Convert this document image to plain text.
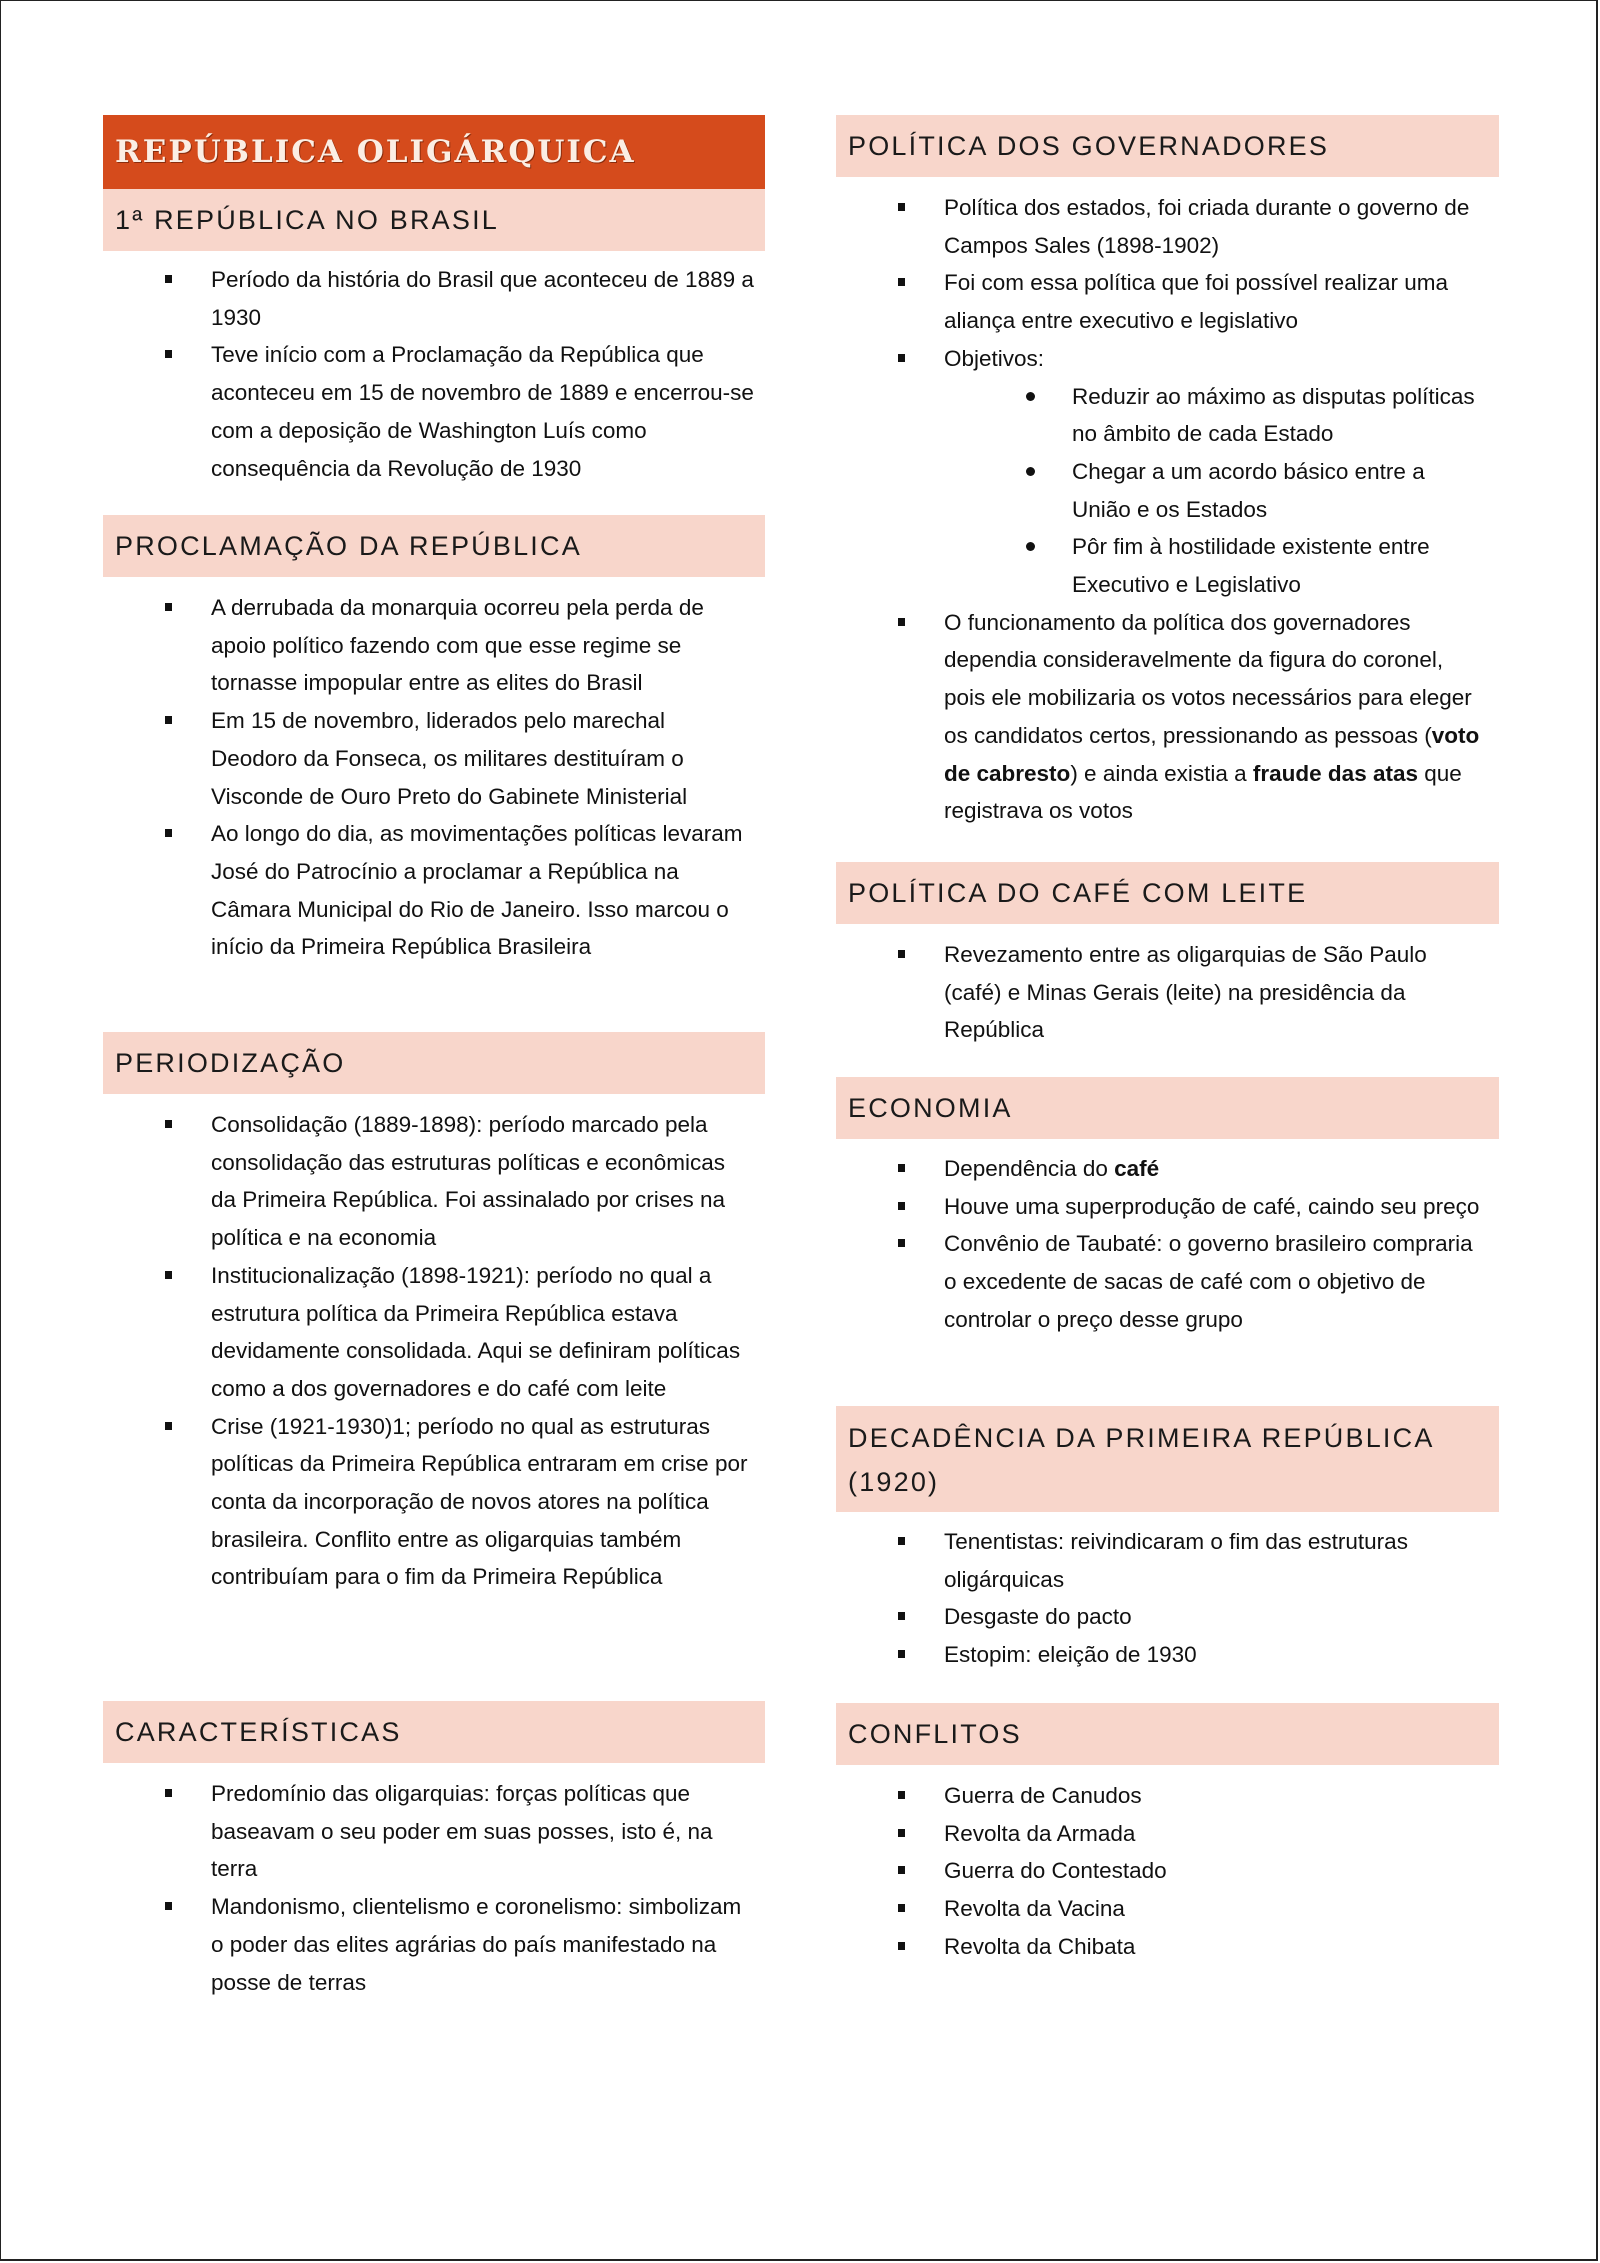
REPÚBLICA OLIGÁRQUICA
1ª REPÚBLICA NO BRASIL
Período da história do Brasil que aconteceu de 1889 a 1930
Teve início com a Proclamação da República que aconteceu em 15 de novembro de 1889 e encerrou-se com a deposição de Washington Luís como consequência da Revolução de 1930
PROCLAMAÇÃO DA REPÚBLICA
A derrubada da monarquia ocorreu pela perda de apoio político fazendo com que esse regime se tornasse impopular entre as elites do Brasil
Em 15 de novembro, liderados pelo marechal Deodoro da Fonseca, os militares destituíram o Visconde de Ouro Preto do Gabinete Ministerial
Ao longo do dia, as movimentações políticas levaram José do Patrocínio a proclamar a República na Câmara Municipal do Rio de Janeiro. Isso marcou o início da Primeira República Brasileira
PERIODIZAÇÃO
Consolidação (1889-1898): período marcado pela consolidação das estruturas políticas e econômicas da Primeira República. Foi assinalado por crises na política e na economia
Institucionalização (1898-1921): período no qual a estrutura política da Primeira República estava devidamente consolidada. Aqui se definiram políticas como a dos governadores e do café com leite
Crise (1921-1930)1; período no qual as estruturas políticas da Primeira República entraram em crise por conta da incorporação de novos atores na política brasileira. Conflito entre as oligarquias também contribuíam para o fim da Primeira República
CARACTERÍSTICAS
Predomínio das oligarquias: forças políticas que baseavam o seu poder em suas posses, isto é, na terra
Mandonismo, clientelismo e coronelismo: simbolizam o poder das elites agrárias do país manifestado na posse de terras
POLÍTICA DOS GOVERNADORES
Política dos estados, foi criada durante o governo de Campos Sales (1898-1902)
Foi com essa política que foi possível realizar uma aliança entre executivo e legislativo
Objetivos:
Reduzir ao máximo as disputas políticas no âmbito de cada Estado
Chegar a um acordo básico entre a União e os Estados
Pôr fim à hostilidade existente entre Executivo e Legislativo
O funcionamento da política dos governadores dependia consideravelmente da figura do coronel, pois ele mobilizaria os votos necessários para eleger os candidatos certos, pressionando as pessoas (voto de cabresto) e ainda existia a fraude das atas que registrava os votos
POLÍTICA DO CAFÉ COM LEITE
Revezamento entre as oligarquias de São Paulo (café) e Minas Gerais (leite) na presidência da República
ECONOMIA
Dependência do café
Houve uma superprodução de café, caindo seu preço
Convênio de Taubaté: o governo brasileiro compraria o excedente de sacas de café com o objetivo de controlar o preço desse grupo
DECADÊNCIA DA PRIMEIRA REPÚBLICA (1920)
Tenentistas: reivindicaram o fim das estruturas oligárquicas
Desgaste do pacto
Estopim: eleição de 1930
CONFLITOS
Guerra de Canudos
Revolta da Armada
Guerra do Contestado
Revolta da Vacina
Revolta da Chibata
